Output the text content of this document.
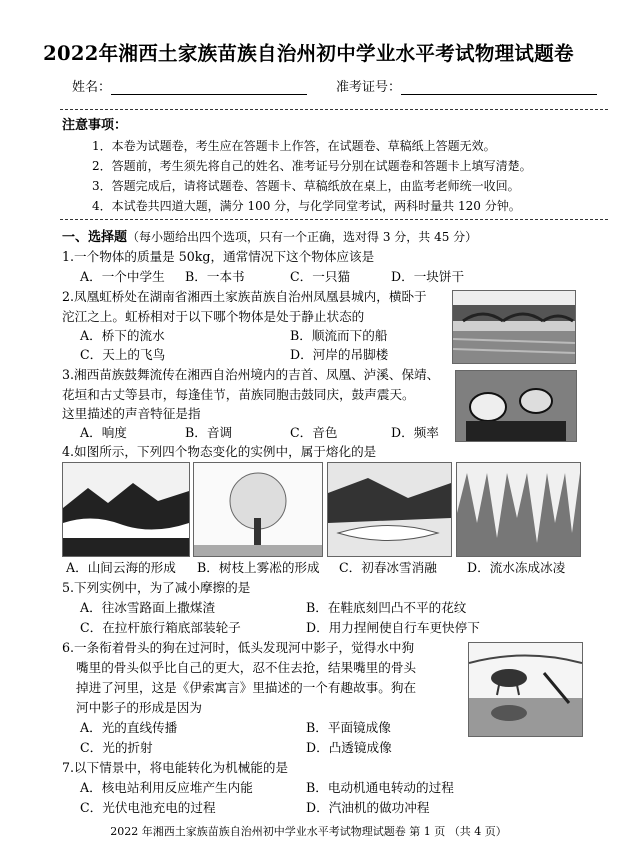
2022年湘西土家族苗族自治州初中学业水平考试物理试题卷
姓名：	准考证号：
注意事项：
1．本卷为试题卷，考生应在答题卡上作答，在试题卷、草稿纸上答题无效。
2．答题前，考生须先将自己的姓名、准考证号分别在试题卷和答题卡上填写清楚。
3．答题完成后，请将试题卷、答题卡、草稿纸放在桌上，由监考老师统一收回。
4．本试卷共四道大题，满分 100 分，与化学同堂考试，两科时量共 120 分钟。
一、选择题（每小题给出四个选项，只有一个正确，选对得 3 分，共 45 分）
1.一个物体的质量是 50kg，通常情况下这个物体应该是
A．一个中学生 B．一本书	C．一只猫	D．一块饼干
2.凤凰虹桥处在湖南省湘西土家族苗族自治州凤凰县城内，横卧于
沱江之上。虹桥相对于以下哪个物体是处于静止状态的
A．桥下的流水	B．顺流而下的船
C．天上的飞鸟	D．河岸的吊脚楼
3.湘西苗族鼓舞流传在湘西自治州境内的吉首、凤凰、泸溪、保靖、
花垣和古丈等县市，每逢佳节，苗族同胞击鼓同庆，鼓声震天。
这里描述的声音特征是指
A．响度	B．音调	C．音色	D．频率
4.如图所示，下列四个物态变化的实例中，属于熔化的是
A．山间云海的形成 B．树枝上雾凇的形成 C．初春冰雪消融 D．流水冻成冰凌
5.下列实例中，为了减小摩擦的是
A．往冰雪路面上撒煤渣	B．在鞋底刻凹凸不平的花纹
C．在拉杆旅行箱底部装轮子	D．用力捏闸使自行车更快停下
6.一条衔着骨头的狗在过河时，低头发现河中影子，觉得水中狗
嘴里的骨头似乎比自己的更大，忍不住去抢，结果嘴里的骨头
掉进了河里，这是《伊索寓言》里描述的一个有趣故事。狗在
河中影子的形成是因为
A．光的直线传播	B．平面镜成像
C．光的折射	D．凸透镜成像
7.以下情景中，将电能转化为机械能的是
A．核电站利用反应堆产生内能	B．电动机通电转动的过程
C．光伏电池充电的过程	D．汽油机的做功冲程
2022 年湘西土家族苗族自治州初中学业水平考试物理试题卷 第 1 页 （共 4 页）
